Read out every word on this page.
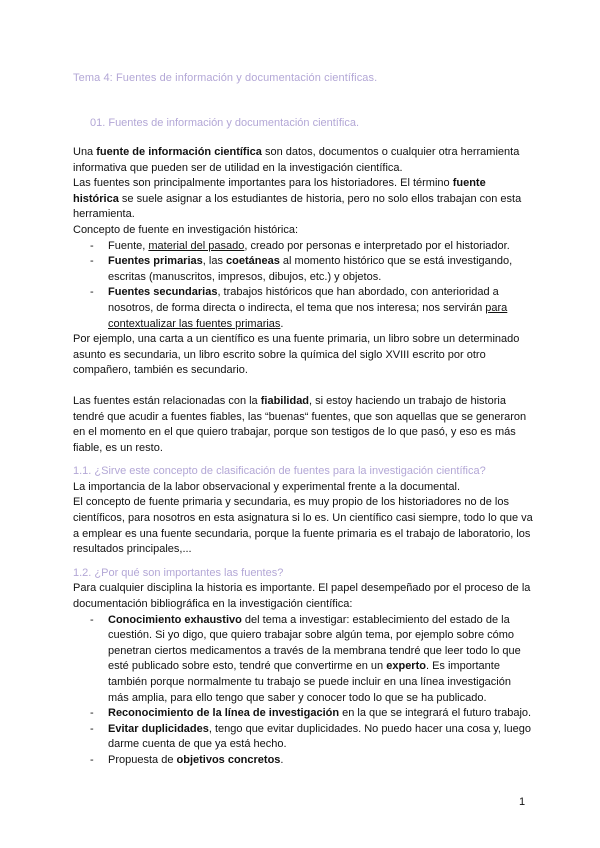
Tema 4: Fuentes de información y documentación científicas.
01. Fuentes de información y documentación científica.

Una fuente de información científica son datos, documentos o cualquier otra herramienta informativa que pueden ser de utilidad en la investigación científica.

Las fuentes son principalmente importantes para los historiadores. El término fuente histórica se suele asignar a los estudiantes de historia, pero no solo ellos trabajan con esta herramienta.

Concepto de fuente en investigación histórica:

- Fuente, material del pasado, creado por personas e interpretado por el historiador.
- Fuentes primarias, las coetáneas al momento histórico que se está investigando, escritas (manuscritos, impresos, dibujos, etc.) y objetos.
- Fuentes secundarias, trabajos históricos que han abordado, con anterioridad a nosotros, de forma directa o indirecta, el tema que nos interesa; nos servirán para contextualizar las fuentes primarias.

Por ejemplo, una carta a un científico es una fuente primaria, un libro sobre un determinado asunto es secundaria, un libro escrito sobre la química del siglo XVIII escrito por otro compañero, también es secundario.

Las fuentes están relacionadas con la fiabilidad, si estoy haciendo un trabajo de historia tendré que acudir a fuentes fiables, las “buenas“ fuentes, que son aquellas que se generaron en el momento en el que quiero trabajar, porque son testigos de lo que pasó, y eso es más fiable, es un resto.

1.1. ¿Sirve este concepto de clasificación de fuentes para la investigación científica?

La importancia de la labor observacional y experimental frente a la documental.

El concepto de fuente primaria y secundaria, es muy propio de los historiadores no de los científicos, para nosotros en esta asignatura si lo es. Un científico casi siempre, todo lo que va a emplear es una fuente secundaria, porque la fuente primaria es el trabajo de laboratorio, los resultados principales,...

1.2. ¿Por qué son importantes las fuentes?

Para cualquier disciplina la historia es importante. El papel desempeñado por el proceso de la documentación bibliográfica en la investigación científica:

- Conocimiento exhaustivo del tema a investigar: establecimiento del estado de la cuestión. Si yo digo, que quiero trabajar sobre algún tema, por ejemplo sobre cómo penetran ciertos medicamentos a través de la membrana tendré que leer todo lo que esté publicado sobre esto, tendré que convertirme en un experto. Es importante también porque normalmente tu trabajo se puede incluir en una línea investigación más amplia, para ello tengo que saber y conocer todo lo que se ha publicado.
- Reconocimiento de la línea de investigación en la que se integrará el futuro trabajo.
- Evitar duplicidades, tengo que evitar duplicidades. No puedo hacer una cosa y, luego darme cuenta de que ya está hecho.
- Propuesta de objetivos concretos.
1
